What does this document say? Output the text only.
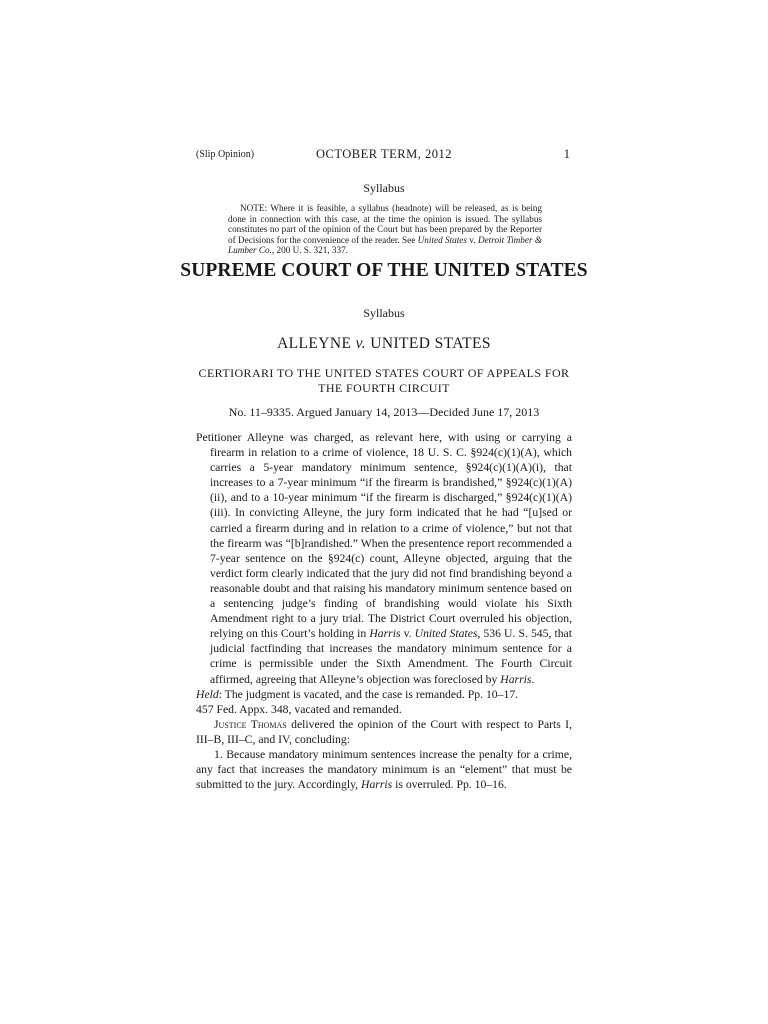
(Slip Opinion)	OCTOBER TERM, 2012	1
Syllabus
NOTE: Where it is feasible, a syllabus (headnote) will be released, as is being done in connection with this case, at the time the opinion is issued. The syllabus constitutes no part of the opinion of the Court but has been prepared by the Reporter of Decisions for the convenience of the reader. See United States v. Detroit Timber & Lumber Co., 200 U. S. 321, 337.
SUPREME COURT OF THE UNITED STATES
Syllabus
ALLEYNE v. UNITED STATES
CERTIORARI TO THE UNITED STATES COURT OF APPEALS FOR THE FOURTH CIRCUIT
No. 11–9335. Argued January 14, 2013—Decided June 17, 2013

Petitioner Alleyne was charged, as relevant here, with using or carrying a firearm in relation to a crime of violence, 18 U. S. C. §924(c)(1)(A), which carries a 5-year mandatory minimum sentence, §924(c)(1)(A)(i), that increases to a 7-year minimum “if the firearm is brandished,” §924(c)(1)(A)(ii), and to a 10-year minimum “if the firearm is discharged,” §924(c)(1)(A)(iii). In convicting Alleyne, the jury form indicated that he had “[u]sed or carried a firearm during and in relation to a crime of violence,” but not that the firearm was “[b]randished.” When the presentence report recommended a 7-year sentence on the §924(c) count, Alleyne objected, arguing that the verdict form clearly indicated that the jury did not find brandishing beyond a reasonable doubt and that raising his mandatory minimum sentence based on a sentencing judge’s finding of brandishing would violate his Sixth Amendment right to a jury trial. The District Court overruled his objection, relying on this Court’s holding in Harris v. United States, 536 U. S. 545, that judicial factfinding that increases the mandatory minimum sentence for a crime is permissible under the Sixth Amendment. The Fourth Circuit affirmed, agreeing that Alleyne’s objection was foreclosed by Harris.

Held: The judgment is vacated, and the case is remanded. Pp. 10–17.

457 Fed. Appx. 348, vacated and remanded.

Justice Thomas delivered the opinion of the Court with respect to Parts I, III–B, III–C, and IV, concluding:

1. Because mandatory minimum sentences increase the penalty for a crime, any fact that increases the mandatory minimum is an “element” that must be submitted to the jury. Accordingly, Harris is overruled. Pp. 10–16.
